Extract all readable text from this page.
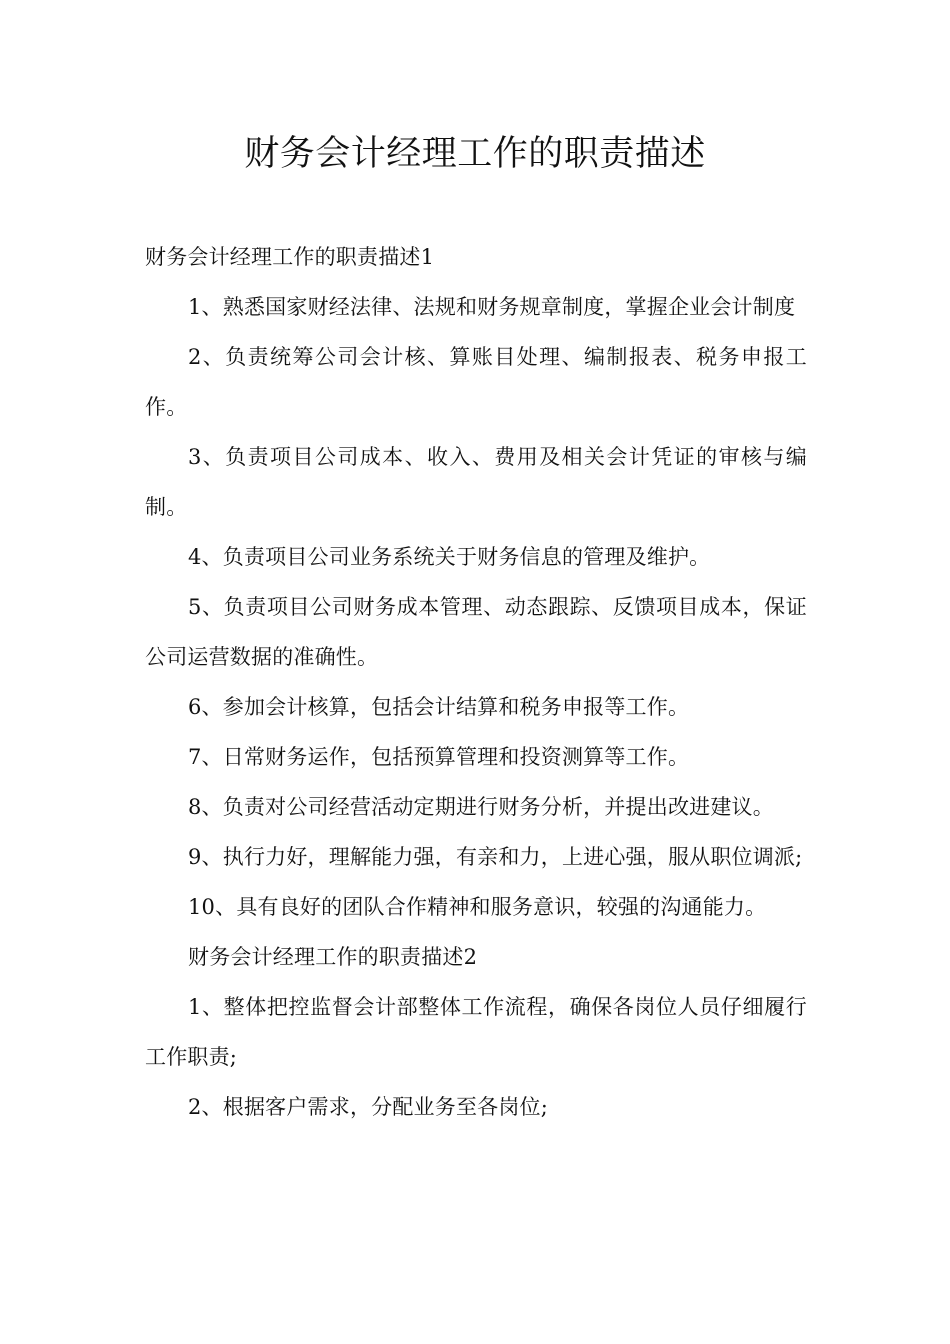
财务会计经理工作的职责描述

财务会计经理工作的职责描述1

1、熟悉国家财经法律、法规和财务规章制度，掌握企业会计制度

2、负责统筹公司会计核、算账目处理、编制报表、税务申报工作。

3、负责项目公司成本、收入、费用及相关会计凭证的审核与编制。

4、负责项目公司业务系统关于财务信息的管理及维护。

5、负责项目公司财务成本管理、动态跟踪、反馈项目成本，保证公司运营数据的准确性。

6、参加会计核算，包括会计结算和税务申报等工作。

7、日常财务运作，包括预算管理和投资测算等工作。

8、负责对公司经营活动定期进行财务分析，并提出改进建议。

9、执行力好，理解能力强，有亲和力，上进心强，服从职位调派;

10、具有良好的团队合作精神和服务意识，较强的沟通能力。

财务会计经理工作的职责描述2

1、整体把控监督会计部整体工作流程，确保各岗位人员仔细履行工作职责;

2、根据客户需求，分配业务至各岗位;
